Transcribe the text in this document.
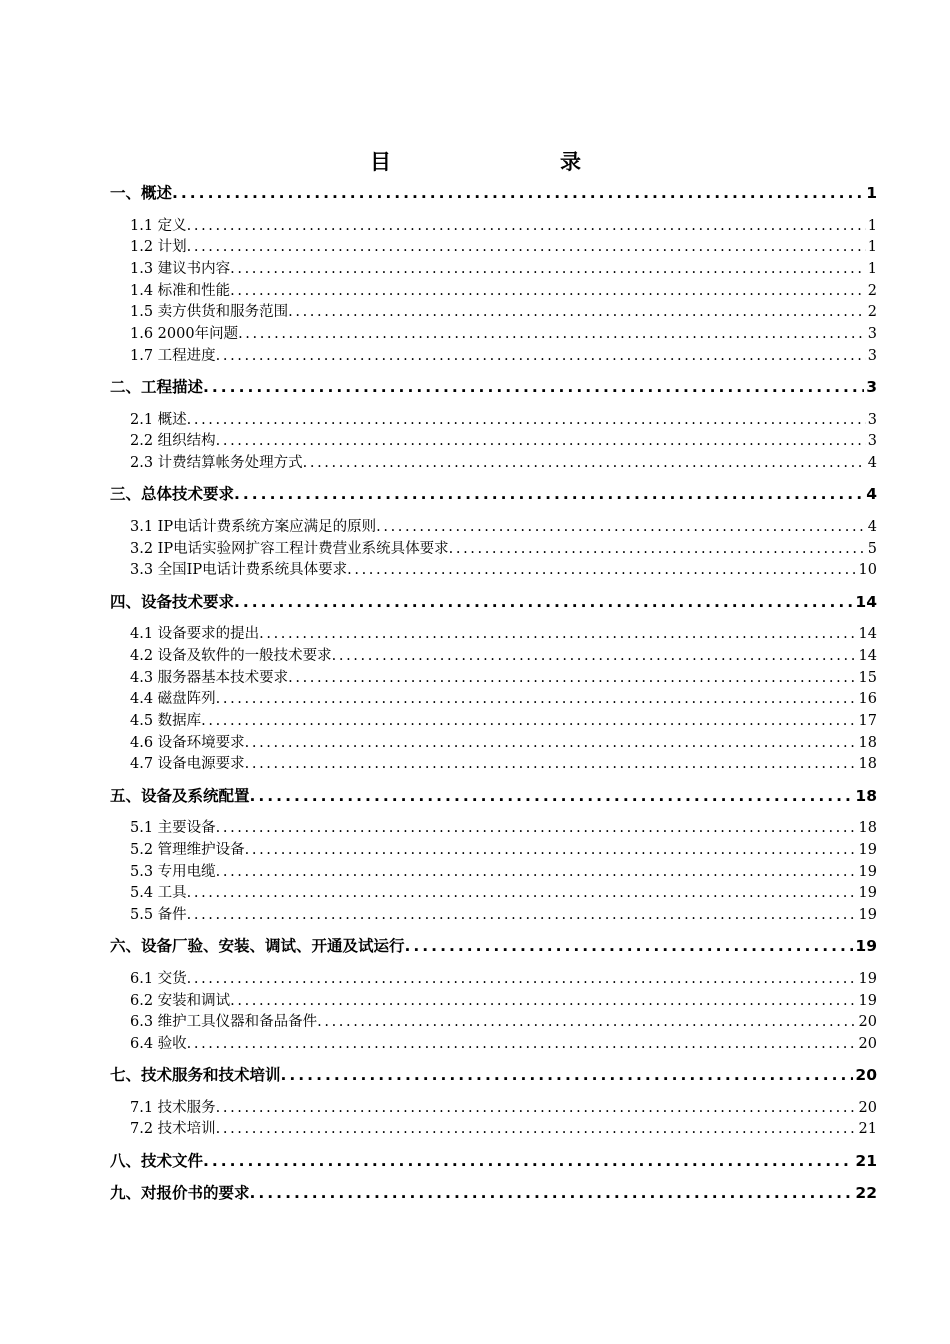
目	录
一、概述 .....	1
1.1 定义 .....	1
1.2 计划 .....	1
1.3 建议书内容 .....	1
1.4 标准和性能 .....	2
1.5 卖方供货和服务范围 .....	2
1.6 2000年问题 .....	3
1.7 工程进度 .....	3
二、工程描述 .....	3
2.1 概述 .....	3
2.2 组织结构 .....	3
2.3 计费结算帐务处理方式 .....	4
三、总体技术要求 .....	4
3.1 IP电话计费系统方案应满足的原则 .....	4
3.2 IP电话实验网扩容工程计费营业系统具体要求 .....	5
3.3 全国IP电话计费系统具体要求 .....	10
四、设备技术要求 .....	14
4.1 设备要求的提出 .....	14
4.2 设备及软件的一般技术要求 .....	14
4.3 服务器基本技术要求 .....	15
4.4 磁盘阵列 .....	16
4.5 数据库 .....	17
4.6 设备环境要求 .....	18
4.7 设备电源要求 .....	18
五、设备及系统配置 .....	18
5.1 主要设备 .....	18
5.2 管理维护设备 .....	19
5.3 专用电缆 .....	19
5.4 工具 .....	19
5.5 备件 .....	19
六、设备厂验、安装、调试、开通及试运行 .....	19
6.1 交货 .....	19
6.2 安装和调试 .....	19
6.3 维护工具仪器和备品备件 .....	20
6.4 验收 .....	20
七、技术服务和技术培训 .....	20
7.1 技术服务 .....	20
7.2 技术培训 .....	21
八、技术文件 .....	21
九、对报价书的要求 .....	22
